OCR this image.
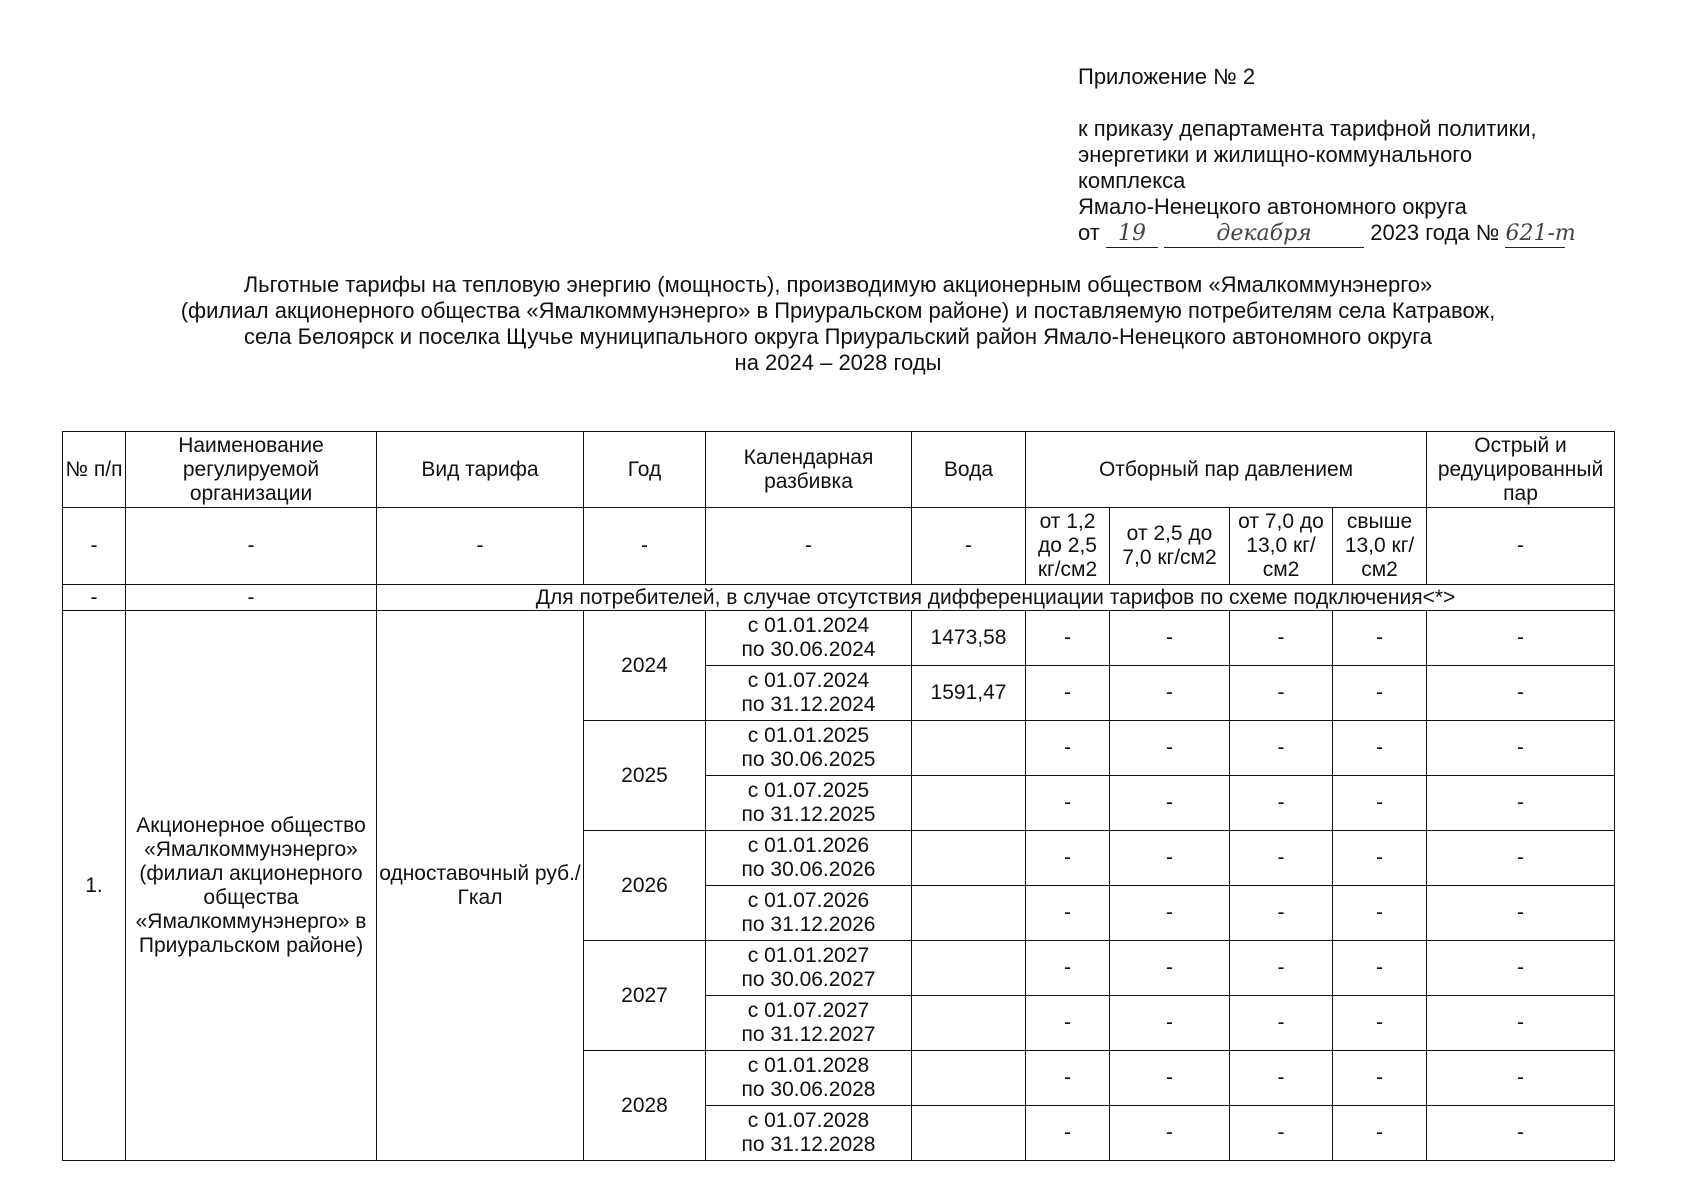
Приложение № 2
к приказу департамента тарифной политики,
энергетики и жилищно-коммунального
комплекса
Ямало-Ненецкого автономного округа
от 19	декабря	2023 года № 621-т
Льготные тарифы на тепловую энергию (мощность), производимую акционерным обществом «Ямалкоммунэнерго»
(филиал акционерного общества «Ямалкоммунэнерго» в Приуральском районе) и поставляемую потребителям села Катравож,
села Белоярск и поселка Щучье муниципального округа Приуральский район Ямало-Ненецкого автономного округа
на 2024 – 2028 годы
№ п/п	Наименование регулируемой организации	Вид тарифа	Год	Календарная разбивка	Вода	Отборный пар давлением				Острый и редуцированный пар
-	-	-	-	-	-	от 1,2 до 2,5 кг/см2	от 2,5 до 7,0 кг/см2	от 7,0 до 13,0 кг/см2	свыше 13,0 кг/см2	-
-	-	Для потребителей, в случае отсутствия дифференциации тарифов по схеме подключения<*>								
1.	Акционерное общество «Ямалкоммунэнерго» (филиал акционерного общества «Ямалкоммунэнерго» в Приуральском районе)	одноставочный руб./Гкал	2024	с 01.01.2024
по 30.06.2024	1473,58	-	-	-	-	-

				с 01.07.2024
по 31.12.2024	1591,47	-	-	-	-	-
			2025	с 01.01.2025
по 30.06.2025		-	-	-	-	-

				с 01.07.2025
по 31.12.2025		-	-	-	-	-
			2026	с 01.01.2026
по 30.06.2026		-	-	-	-	-

				с 01.07.2026
по 31.12.2026		-	-	-	-	-
			2027	с 01.01.2027
по 30.06.2027		-	-	-	-	-

				с 01.07.2027
по 31.12.2027		-	-	-	-	-
			2028	с 01.01.2028
по 30.06.2028		-	-	-	-	-

				с 01.07.2028
по 31.12.2028		-	-	-	-	-
